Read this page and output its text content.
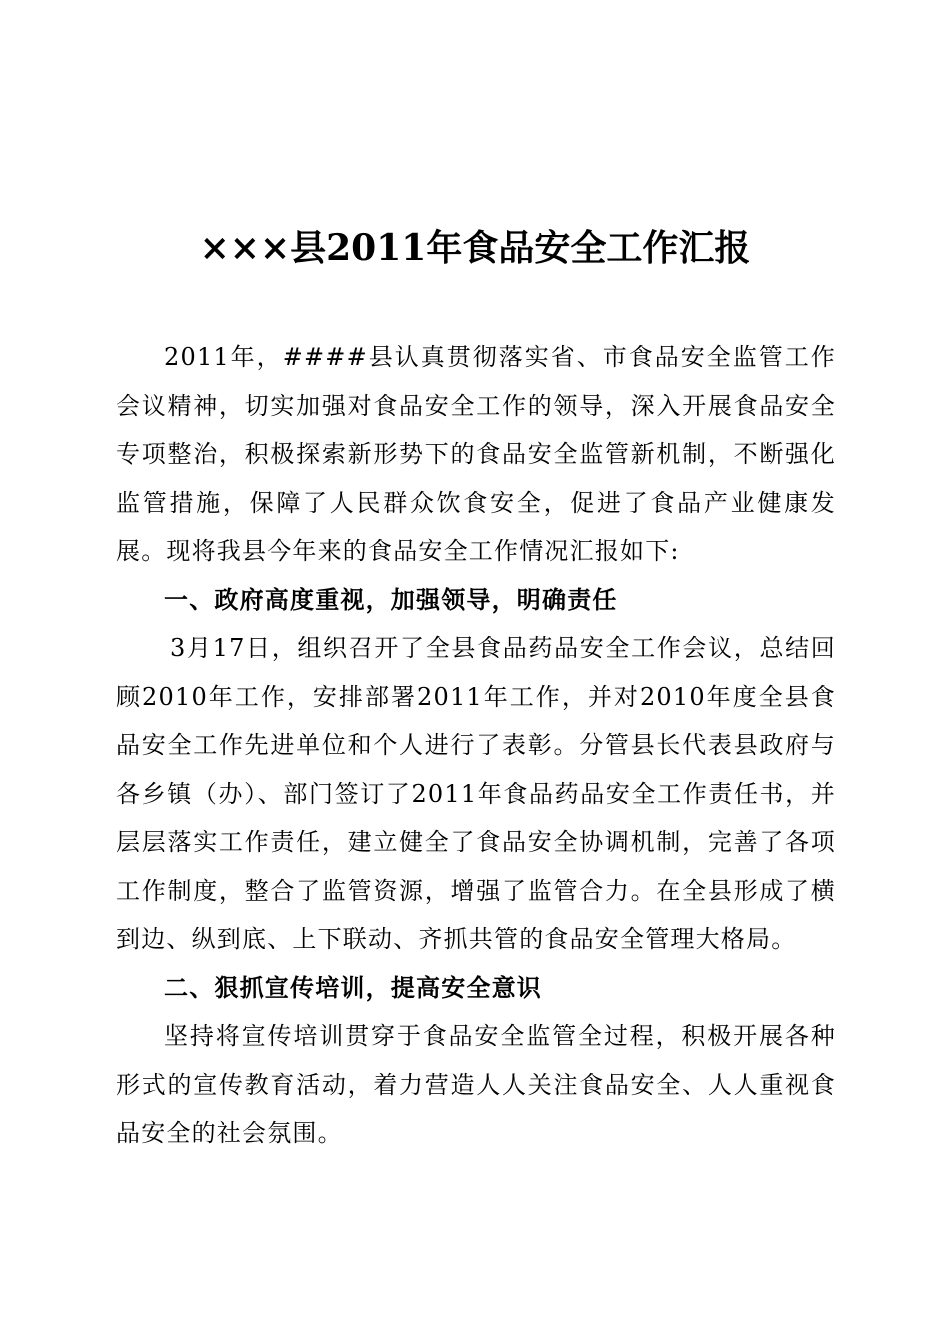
×××县2011年食品安全工作汇报

2011年，####县认真贯彻落实省、市食品安全监管工作会议精神，切实加强对食品安全工作的领导，深入开展食品安全专项整治，积极探索新形势下的食品安全监管新机制，不断强化监管措施，保障了人民群众饮食安全，促进了食品产业健康发展。现将我县今年来的食品安全工作情况汇报如下:

一、政府高度重视，加强领导，明确责任

3月17日，组织召开了全县食品药品安全工作会议，总结回顾2010年工作，安排部署2011年工作，并对2010年度全县食品安全工作先进单位和个人进行了表彰。分管县长代表县政府与各乡镇（办）、部门签订了2011年食品药品安全工作责任书，并层层落实工作责任，建立健全了食品安全协调机制，完善了各项工作制度，整合了监管资源，增强了监管合力。在全县形成了横到边、纵到底、上下联动、齐抓共管的食品安全管理大格局。

二、狠抓宣传培训，提高安全意识

坚持将宣传培训贯穿于食品安全监管全过程，积极开展各种形式的宣传教育活动，着力营造人人关注食品安全、人人重视食品安全的社会氛围。
